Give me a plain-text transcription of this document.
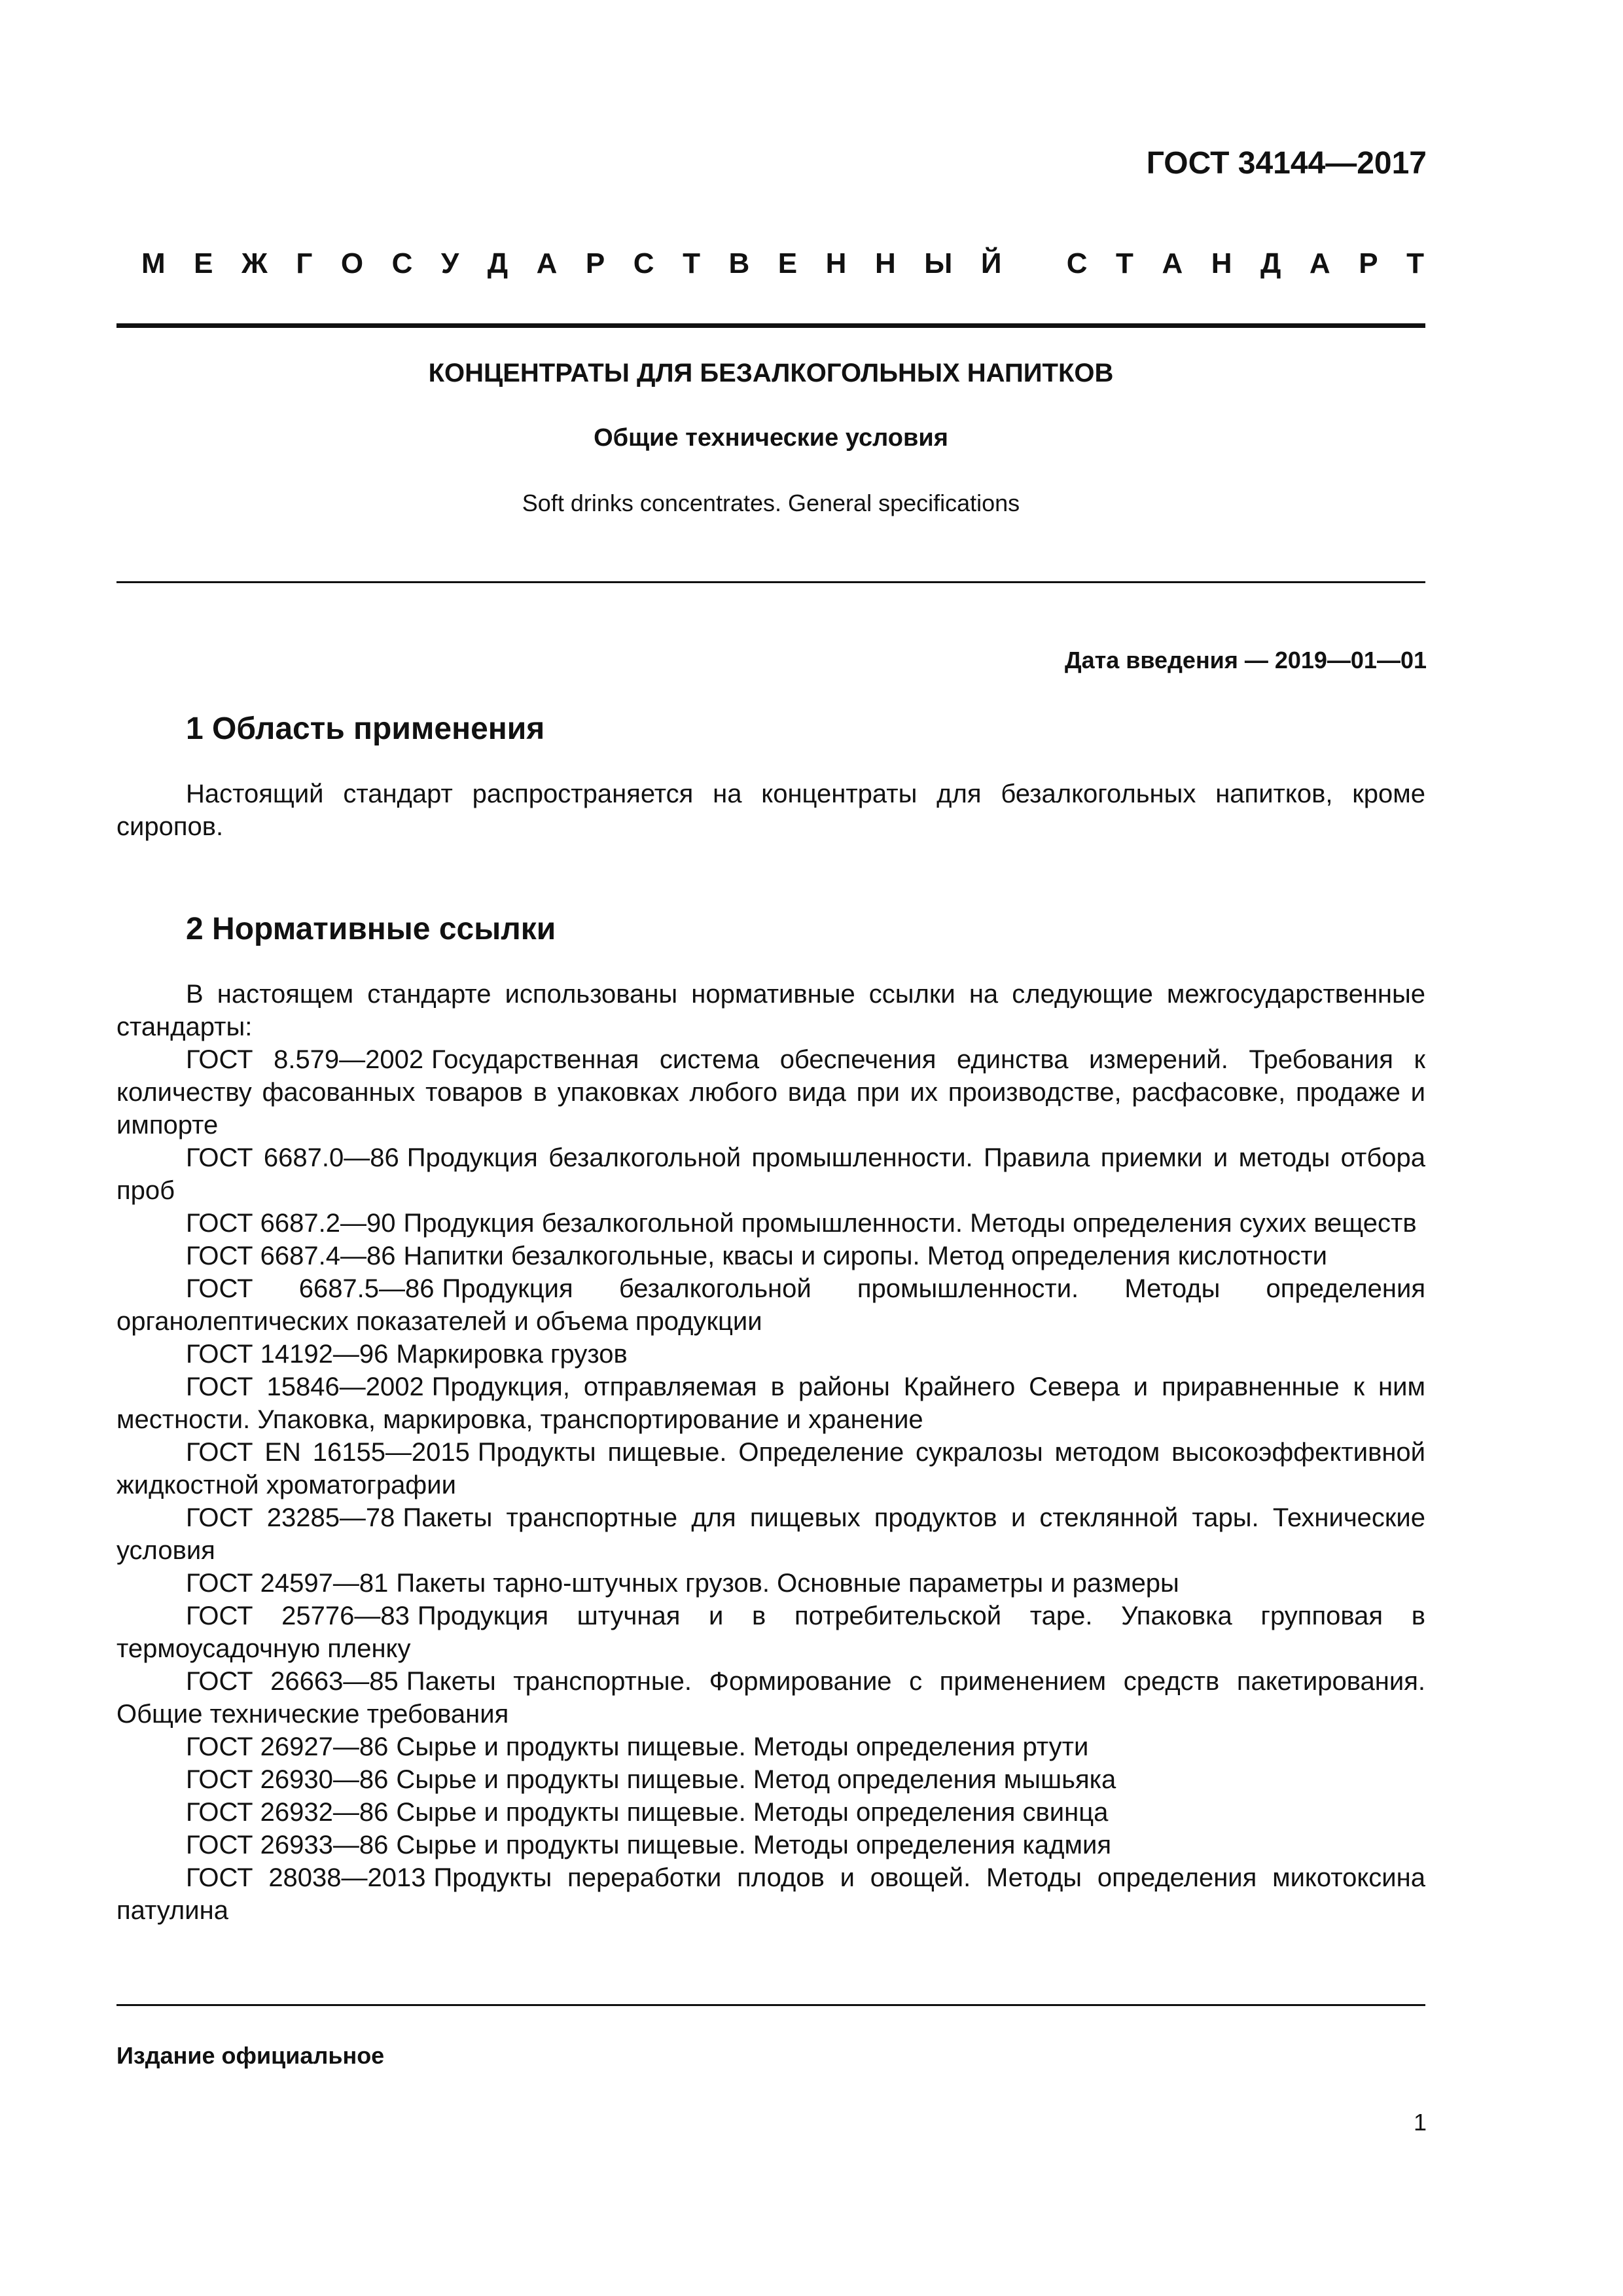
ГОСТ 34144—2017
М Е Ж Г О С У Д А Р С Т В Е Н Н Ы Й
С Т А Н Д А Р Т
КОНЦЕНТРАТЫ ДЛЯ БЕЗАЛКОГОЛЬНЫХ НАПИТКОВ
Общие технические условия
Soft drinks concentrates. General specifications
Дата введения — 2019—01—01
1 Область применения

Настоящий стандарт распространяется на концентраты для безалкогольных напитков, кроме сиропов.

2 Нормативные ссылки

В настоящем стандарте использованы нормативные ссылки на следующие межгосударственные стандарты:

ГОСТ 8.579—2002 Государственная система обеспечения единства измерений. Требования к количеству фасованных товаров в упаковках любого вида при их производстве, расфасовке, продаже и импорте

ГОСТ 6687.0—86 Продукция безалкогольной промышленности. Правила приемки и методы отбора проб

ГОСТ 6687.2—90 Продукция безалкогольной промышленности. Методы определения сухих веществ

ГОСТ 6687.4—86 Напитки безалкогольные, квасы и сиропы. Метод определения кислотности

ГОСТ 6687.5—86 Продукция безалкогольной промышленности. Методы определения органолептических показателей и объема продукции

ГОСТ 14192—96 Маркировка грузов

ГОСТ 15846—2002 Продукция, отправляемая в районы Крайнего Севера и приравненные к ним местности. Упаковка, маркировка, транспортирование и хранение

ГОСТ EN 16155—2015 Продукты пищевые. Определение сукралозы методом высокоэффективной жидкостной хроматографии

ГОСТ 23285—78 Пакеты транспортные для пищевых продуктов и стеклянной тары. Технические условия

ГОСТ 24597—81 Пакеты тарно-штучных грузов. Основные параметры и размеры

ГОСТ 25776—83 Продукция штучная и в потребительской таре. Упаковка групповая в термоусадочную пленку

ГОСТ 26663—85 Пакеты транспортные. Формирование с применением средств пакетирования. Общие технические требования

ГОСТ 26927—86 Сырье и продукты пищевые. Методы определения ртути

ГОСТ 26930—86 Сырье и продукты пищевые. Метод определения мышьяка

ГОСТ 26932—86 Сырье и продукты пищевые. Методы определения свинца

ГОСТ 26933—86 Сырье и продукты пищевые. Методы определения кадмия

ГОСТ 28038—2013 Продукты переработки плодов и овощей. Методы определения микотоксина патулина

Издание официальное
1
